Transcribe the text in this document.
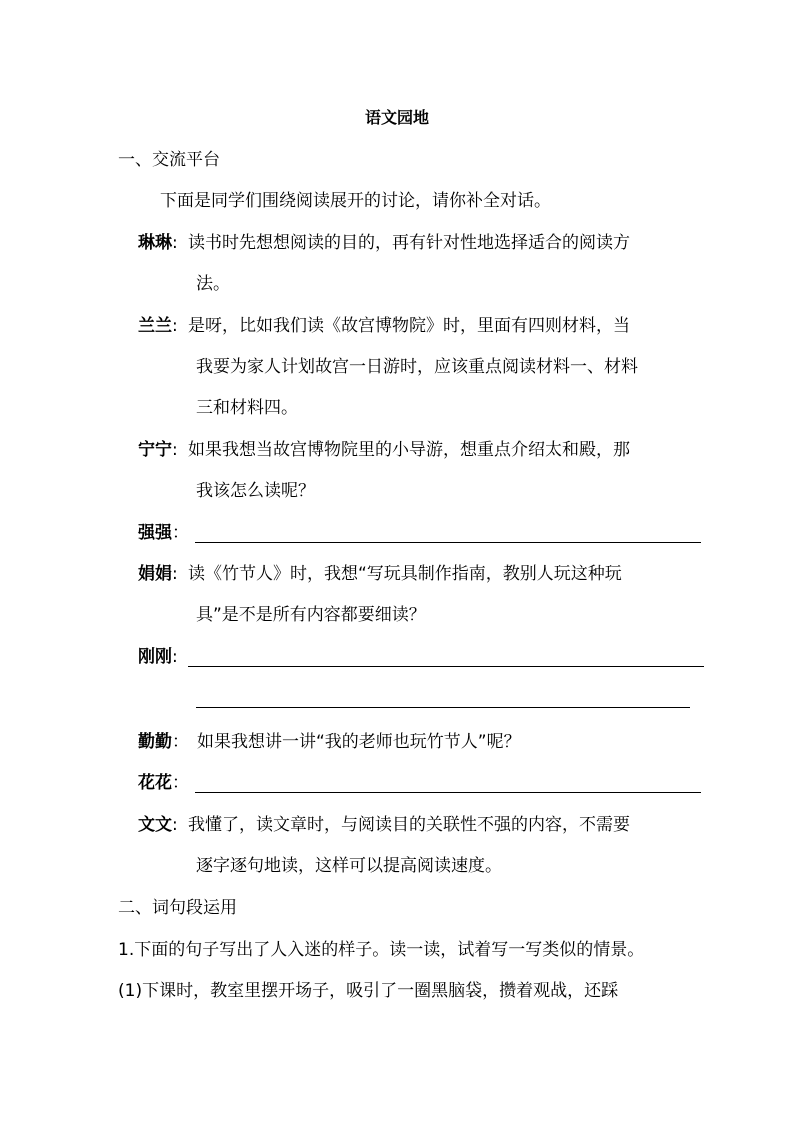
语文园地
一、交流平台
下面是同学们围绕阅读展开的讨论，请你补全对话。
琳琳: 读书时先想想阅读的目的，再有针对性地选择适合的阅读方
法。
兰兰: 是呀，比如我们读《故宫博物院》时，里面有四则材料，当
我要为家人计划故宫一日游时，应该重点阅读材料一、材料
三和材料四。
宁宁: 如果我想当故宫博物院里的小导游，想重点介绍太和殿，那
我该怎么读呢？
强强：
娟娟: 读《竹节人》时，我想“写玩具制作指南，教别人玩这种玩
具”是不是所有内容都要细读？
刚刚:
勤勤： 如果我想讲一讲“我的老师也玩竹节人”呢？
花花：
文文: 我懂了，读文章时，与阅读目的关联性不强的内容，不需要
逐字逐句地读，这样可以提高阅读速度。
二、词句段运用
1.下面的句子写出了人入迷的样子。读一读，试着写一写类似的情景。
(1)下课时，教室里摆开场子，吸引了一圈黑脑袋，攒着观战，还踩
